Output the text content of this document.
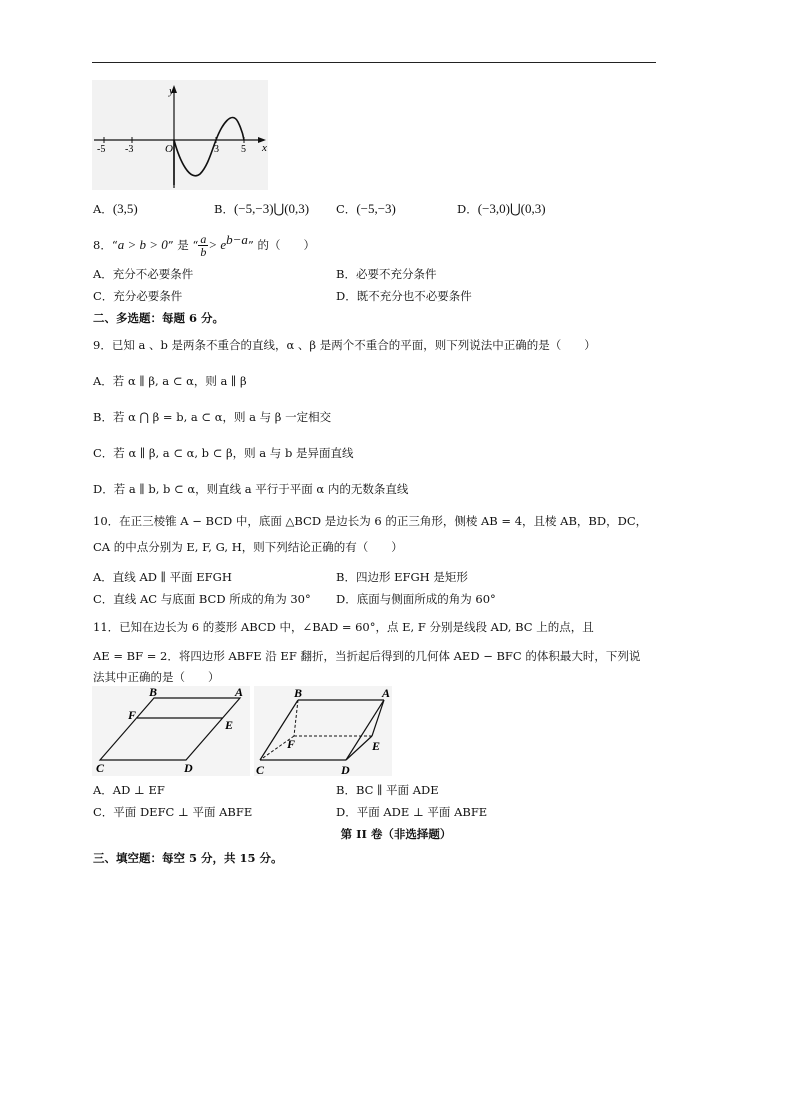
x
y
O
-5 -3	3 5
A．(3,5)	B．(−5,−3)⋃(0,3) C．(−5,−3)	D．(−3,0)⋃(0,3)
8．“a > b > 0” 是 “ $\frac{a}{b} > e^{b-a}$” 的（　　）
A．充分不必要条件	B．必要不充分条件
C．充分必要条件	D．既不充分也不必要条件
二、多选题：每题 6 分。
9．已知 a 、b 是两条不重合的直线，α 、β 是两个不重合的平面，则下列说法中正确的是（　　）
A．若 α ∥ β, a ⊂ α，则 a ∥ β
B．若 α ⋂ β = b, a ⊂ α，则 a 与 β 一定相交
C．若 α ∥ β, a ⊂ α, b ⊂ β，则 a 与 b 是异面直线
D．若 a ∥ b, b ⊂ α，则直线 a 平行于平面 α 内的无数条直线
10．在正三棱锥 A − BCD 中，底面 △BCD 是边长为 6 的正三角形，侧棱 AB = 4，且棱 AB，BD，DC，
CA 的中点分别为 E, F, G, H，则下列结论正确的有（　　）
A．直线 AD ∥ 平面 EFGH	B．四边形 EFGH 是矩形
C．直线 AC 与底面 BCD 所成的角为 30° D．底面与侧面所成的角为 60°
11．已知在边长为 6 的菱形 ABCD 中，∠BAD = 60°，点 E, F 分别是线段 AD, BC 上的点，且
AE = BF = 2．将四边形 ABFE 沿 EF 翻折，当折起后得到的几何体 AED − BFC 的体积最大时，下列说
法其中正确的是（　　）
B	A
F
E
C	D
B	A
F	E
C	D
A．AD ⊥ EF	B．BC ∥ 平面 ADE
C．平面 DEFC ⊥ 平面 ABFE	D．平面 ADE ⊥ 平面 ABFE
第 II 卷（非选择题）
三、填空题：每空 5 分，共 15 分。
